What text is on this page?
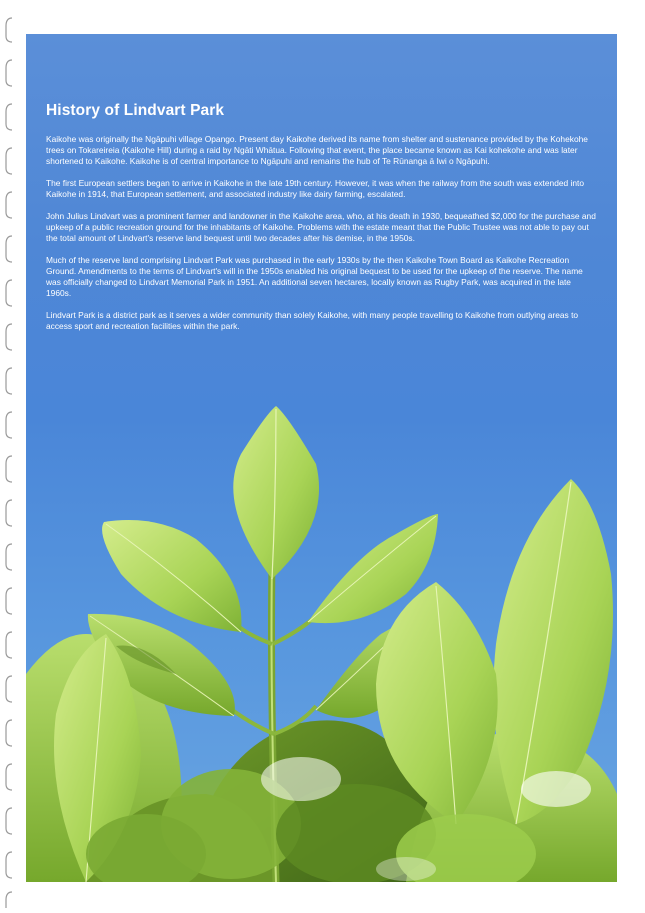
History of Lindvart Park

Kaikohe was originally the Ngāpuhi village Opango. Present day Kaikohe derived its name from shelter and sustenance provided by the Kohekohe trees on Tokareireia (Kaikohe Hill) during a raid by Ngāti Whātua. Following that event, the place became known as Kai kohekohe and was later shortened to Kaikohe. Kaikohe is of central importance to Ngāpuhi and remains the hub of Te Rūnanga ā Iwi o Ngāpuhi.

The first European settlers began to arrive in Kaikohe in the late 19th century. However, it was when the railway from the south was extended into Kaikohe in 1914, that European settlement, and associated industry like dairy farming, escalated.

John Julius Lindvart was a prominent farmer and landowner in the Kaikohe area, who, at his death in 1930, bequeathed $2,000 for the purchase and upkeep of a public recreation ground for the inhabitants of Kaikohe. Problems with the estate meant that the Public Trustee was not able to pay out the total amount of Lindvart's reserve land bequest until two decades after his demise, in the 1950s.

Much of the reserve land comprising Lindvart Park was purchased in the early 1930s by the then Kaikohe Town Board as Kaikohe Recreation Ground. Amendments to the terms of Lindvart's will in the 1950s enabled his original bequest to be used for the upkeep of the reserve. The name was officially changed to Lindvart Memorial Park in 1951. An additional seven hectares, locally known as Rugby Park, was acquired in the late 1960s.

Lindvart Park is a district park as it serves a wider community than solely Kaikohe, with many people travelling to Kaikohe from outlying areas to access sport and recreation facilities within the park.
